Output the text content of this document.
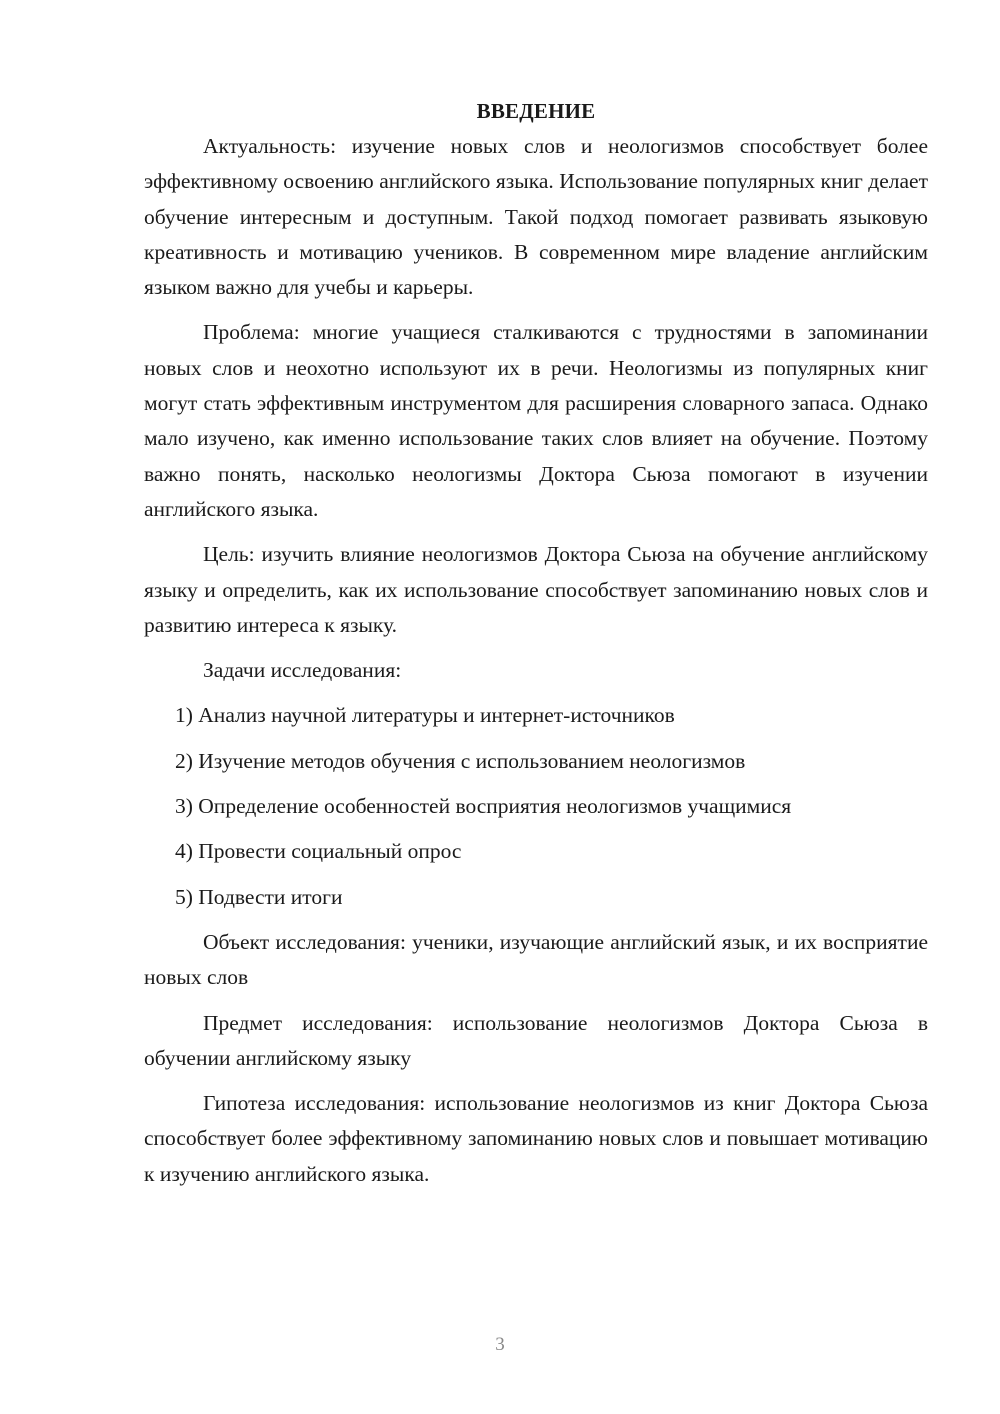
ВВЕДЕНИЕ

Актуальность: изучение новых слов и неологизмов способствует более эффективному освоению английского языка. Использование популярных книг делает обучение интересным и доступным. Такой подход помогает развивать языковую креативность и мотивацию учеников. В современном мире владение английским языком важно для учебы и карьеры.

Проблема: многие учащиеся сталкиваются с трудностями в запоминании новых слов и неохотно используют их в речи. Неологизмы из популярных книг могут стать эффективным инструментом для расширения словарного запаса. Однако мало изучено, как именно использование таких слов влияет на обучение. Поэтому важно понять, насколько неологизмы Доктора Сьюза помогают в изучении английского языка.

Цель: изучить влияние неологизмов Доктора Сьюза на обучение английскому языку и определить, как их использование способствует запоминанию новых слов и развитию интереса к языку.

Задачи исследования:

1) Анализ научной литературы и интернет-источников
2) Изучение методов обучения с использованием неологизмов
3) Определение особенностей восприятия неологизмов учащимися
4) Провести социальный опрос
5) Подвести итоги

Объект исследования: ученики, изучающие английский язык, и их восприятие новых слов

Предмет исследования: использование неологизмов Доктора Сьюза в обучении английскому языку

Гипотеза исследования: использование неологизмов из книг Доктора Сьюза способствует более эффективному запоминанию новых слов и повышает мотивацию к изучению английского языка.

3
